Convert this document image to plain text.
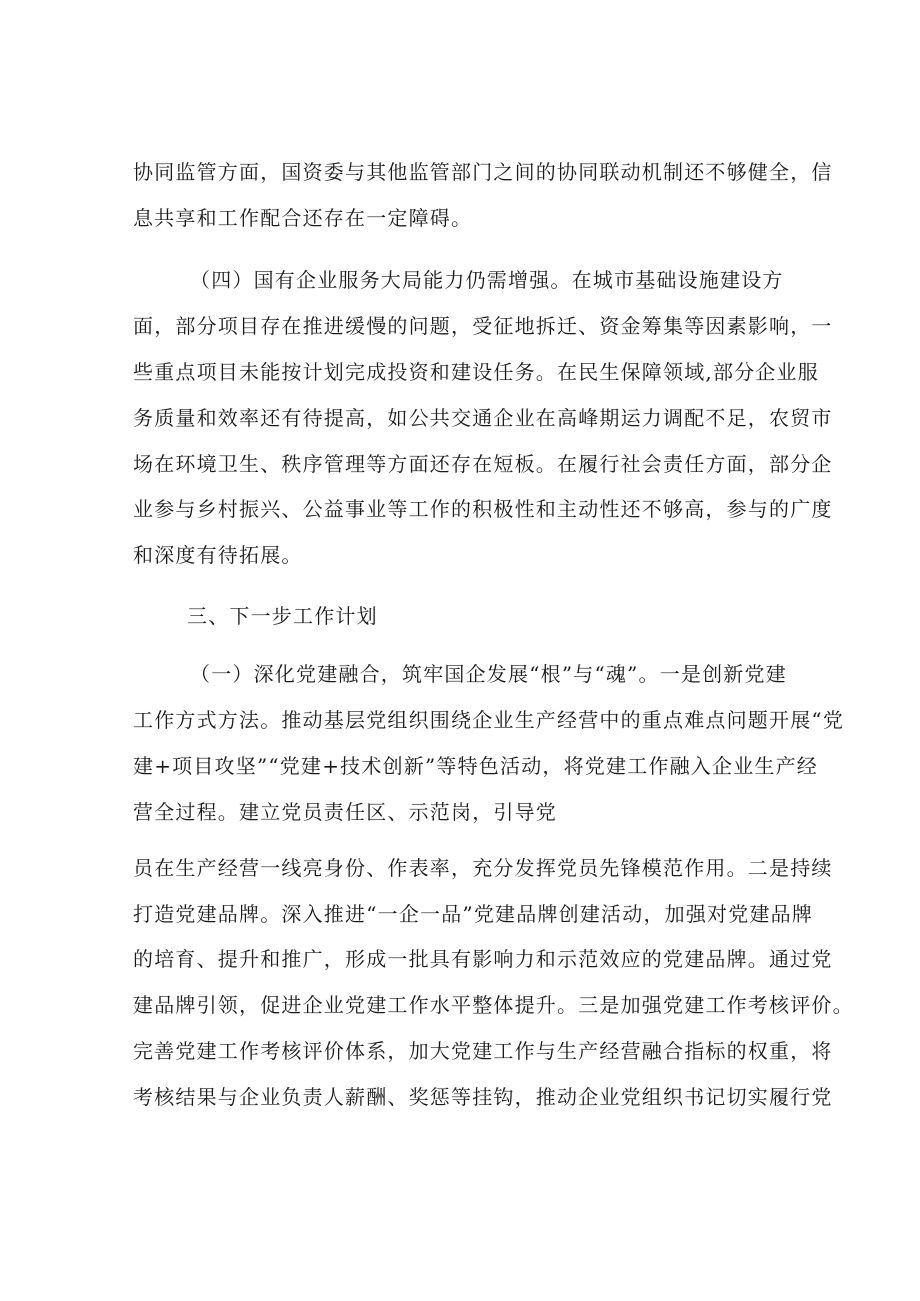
协同监管方面，国资委与其他监管部门之间的协同联动机制还不够健全，信
息共享和工作配合还存在一定障碍。
（四）国有企业服务大局能力仍需增强。在城市基础设施建设方
面，部分项目存在推进缓慢的问题，受征地拆迁、资金筹集等因素影响，一
些重点项目未能按计划完成投资和建设任务。在民生保障领域,部分企业服
务质量和效率还有待提高，如公共交通企业在高峰期运力调配不足，农贸市
场在环境卫生、秩序管理等方面还存在短板。在履行社会责任方面，部分企
业参与乡村振兴、公益事业等工作的积极性和主动性还不够高，参与的广度
和深度有待拓展。
三、下一步工作计划
（一）深化党建融合，筑牢国企发展“根”与“魂”。一是创新党建
工作方式方法。推动基层党组织围绕企业生产经营中的重点难点问题开展“党
建+项目攻坚”“党建+技术创新”等特色活动，将党建工作融入企业生产经
营全过程。建立党员责任区、示范岗，引导党
员在生产经营一线亮身份、作表率，充分发挥党员先锋模范作用。二是持续
打造党建品牌。深入推进“一企一品”党建品牌创建活动，加强对党建品牌
的培育、提升和推广，形成一批具有影响力和示范效应的党建品牌。通过党
建品牌引领，促进企业党建工作水平整体提升。三是加强党建工作考核评价。
完善党建工作考核评价体系，加大党建工作与生产经营融合指标的权重，将
考核结果与企业负责人薪酬、奖惩等挂钩，推动企业党组织书记切实履行党
